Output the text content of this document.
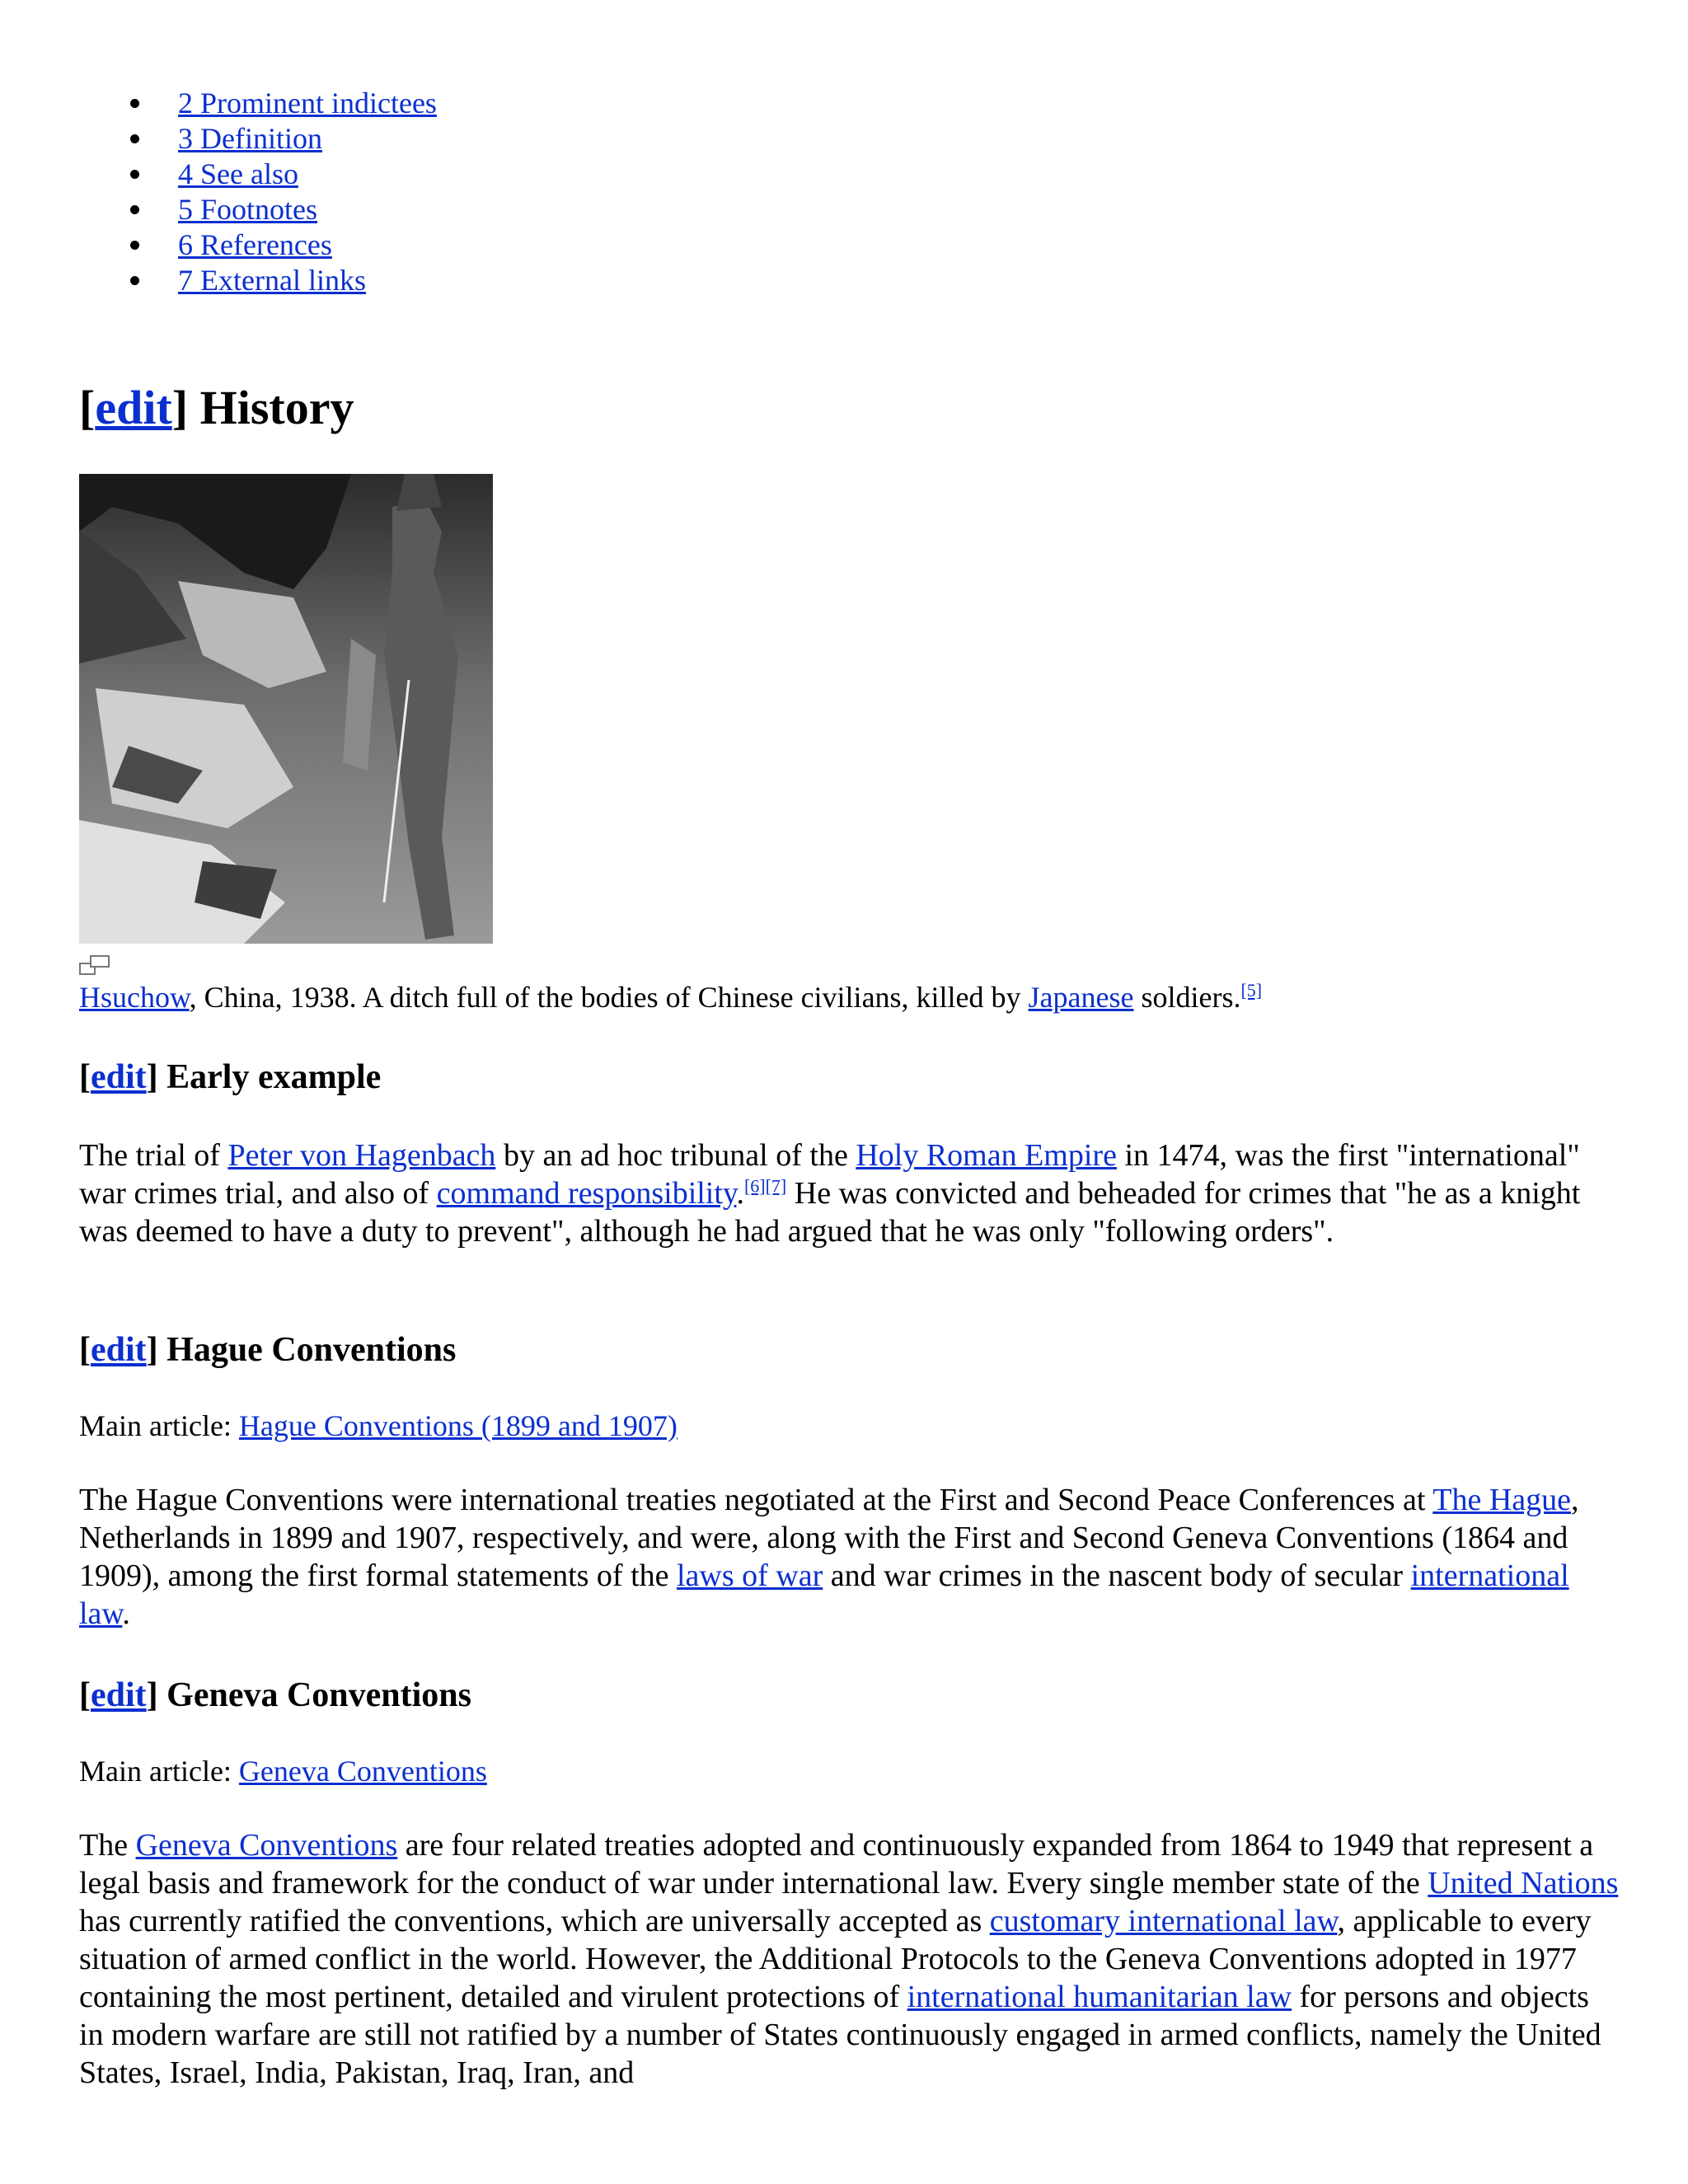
2 Prominent indictees
3 Definition
4 See also
5 Footnotes
6 References
7 External links
[edit] History
Hsuchow, China, 1938. A ditch full of the bodies of Chinese civilians, killed by Japanese soldiers.[5]
[edit] Early example

The trial of Peter von Hagenbach by an ad hoc tribunal of the Holy Roman Empire in 1474, was the first "international" war crimes trial, and also of command responsibility.[6][7] He was convicted and beheaded for crimes that "he as a knight was deemed to have a duty to prevent", although he had argued that he was only "following orders".

[edit] Hague Conventions
Main article: Hague Conventions (1899 and 1907)

The Hague Conventions were international treaties negotiated at the First and Second Peace Conferences at The Hague, Netherlands in 1899 and 1907, respectively, and were, along with the First and Second Geneva Conventions (1864 and 1909), among the first formal statements of the laws of war and war crimes in the nascent body of secular international law.

[edit] Geneva Conventions
Main article: Geneva Conventions

The Geneva Conventions are four related treaties adopted and continuously expanded from 1864 to 1949 that represent a legal basis and framework for the conduct of war under international law. Every single member state of the United Nations has currently ratified the conventions, which are universally accepted as customary international law, applicable to every situation of armed conflict in the world. However, the Additional Protocols to the Geneva Conventions adopted in 1977 containing the most pertinent, detailed and virulent protections of international humanitarian law for persons and objects in modern warfare are still not ratified by a number of States continuously engaged in armed conflicts, namely the United States, Israel, India, Pakistan, Iraq, Iran, and
